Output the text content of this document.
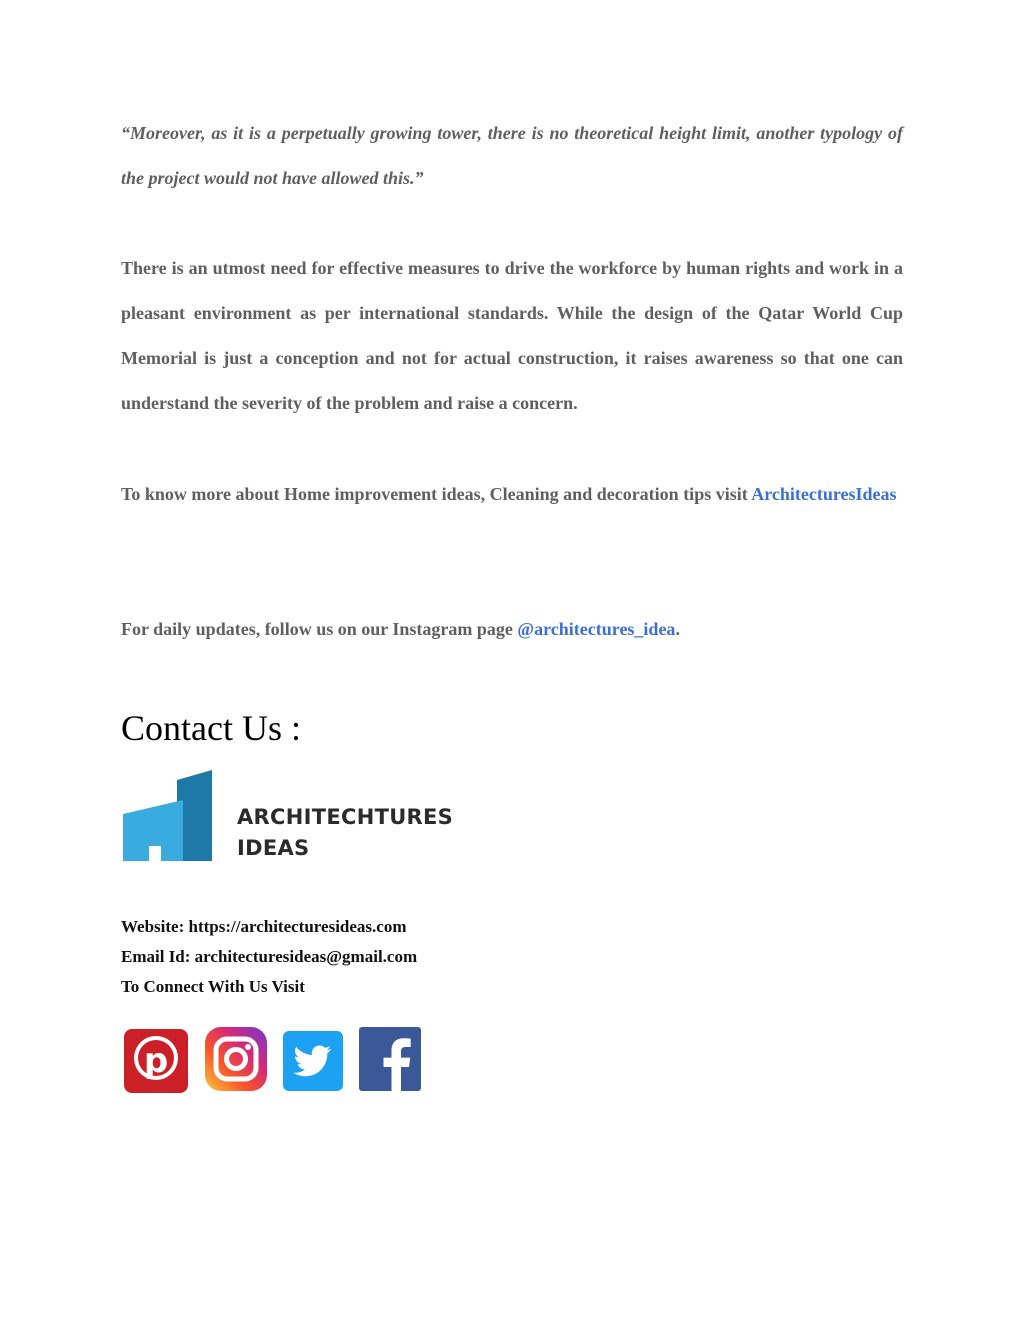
“Moreover, as it is a perpetually growing tower, there is no theoretical height limit, another typology of the project would not have allowed this.”

There is an utmost need for effective measures to drive the workforce by human rights and work in a pleasant environment as per international standards. While the design of the Qatar World Cup Memorial is just a conception and not for actual construction, it raises awareness so that one can understand the severity of the problem and raise a concern.

To know more about Home improvement ideas, Cleaning and decoration tips visit ArchitecturesIdeas

For daily updates, follow us on our Instagram page @architectures_idea.

Contact Us :
ARCHITECHTURES
IDEAS
Website: https://architecturesideas.com
Email Id: architecturesideas@gmail.com
To Connect With Us Visit
p
